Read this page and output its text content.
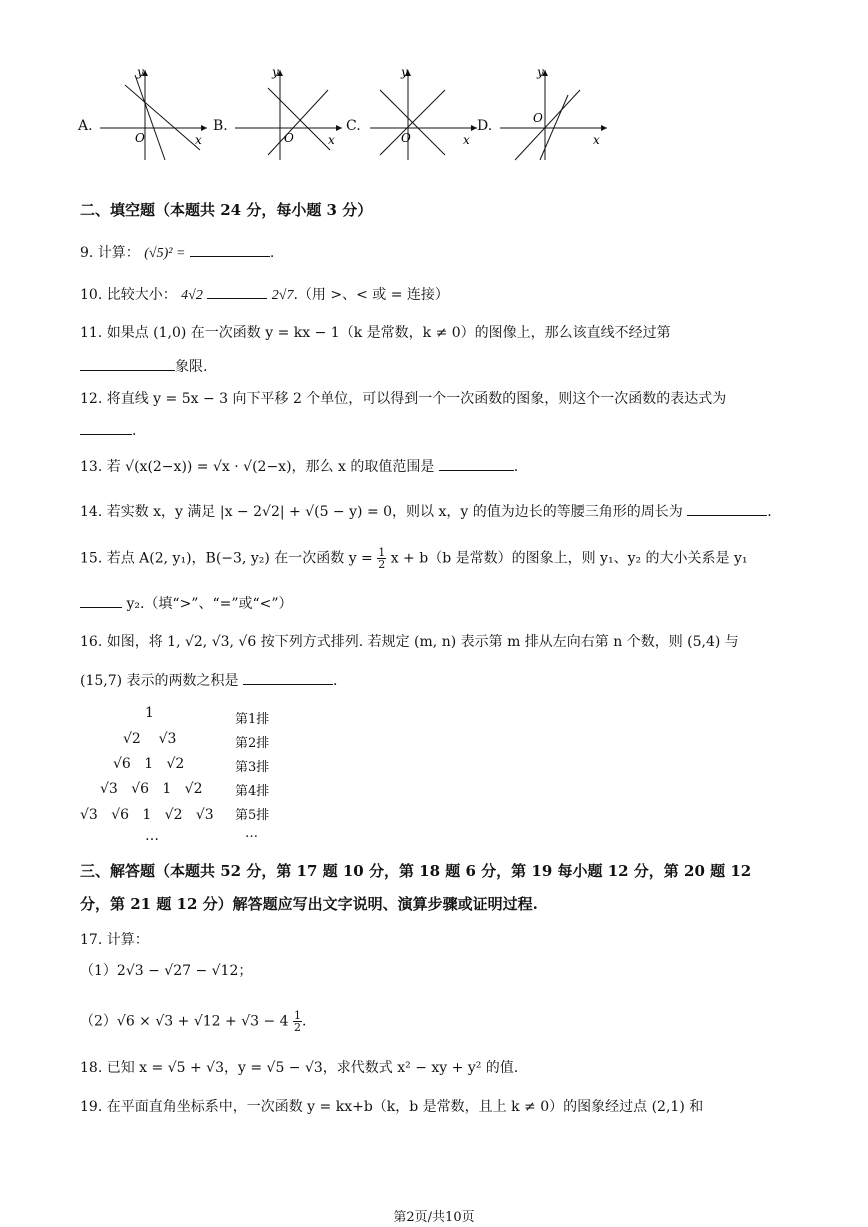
A.
y
x
O
B.
y
x
O
C.
y
x
O
D.
y
x
O
二、填空题（本题共 24 分，每小题 3 分）
9. 计算： (√5)² =	.
10. 比较大小： 4√2	2√7.（用 >、< 或 = 连接）
11. 如果点 (1,0) 在一次函数 y = kx − 1（k 是常数，k ≠ 0）的图像上，那么该直线不经过第
象限.
12. 将直线 y = 5x − 3 向下平移 2 个单位，可以得到一个一次函数的图象，则这个一次函数的表达式为
.
13. 若 √(x(2−x)) = √x · √(2−x)，那么 x 的取值范围是	.
14. 若实数 x，y 满足 |x − 2√2| + √(5 − y) = 0，则以 x，y 的值为边长的等腰三角形的周长为	.
15. 若点 A(2, y₁)，B(−3, y₂) 在一次函数 $y = \frac{1}{2}$ x + b（b 是常数）的图象上，则 y₁、y₂ 的大小关系是 y₁
y₂.（填“>”、“=”或“<”）
16. 如图，将 1, √2, √3, √6 按下列方式排列. 若规定 (m, n) 表示第 m 排从左向右第 n 个数，则 (5,4) 与
(15,7) 表示的两数之积是	.
1
√2 √3
√6 1 √2
√3 √6 1 √2
√3 √6 1 √2 √3
…
第1排
第2排
第3排
第4排
第5排
…
三、解答题（本题共 52 分，第 17 题 10 分，第 18 题 6 分，第 19 每小题 12 分，第 20 题 12
分，第 21 题 12 分）解答题应写出文字说明、演算步骤或证明过程.
17. 计算：
（1）2√3 − √27 − √12；
$(2)√6 \times √3 + √12 + √3 - 4 \frac{1}{2}$ .
18. 已知 x = √5 + √3，y = √5 − √3，求代数式 x² − xy + y² 的值.
19. 在平面直角坐标系中，一次函数 y = kx+b（k，b 是常数，且上 k ≠ 0）的图象经过点 (2,1) 和
第2页/共10页
